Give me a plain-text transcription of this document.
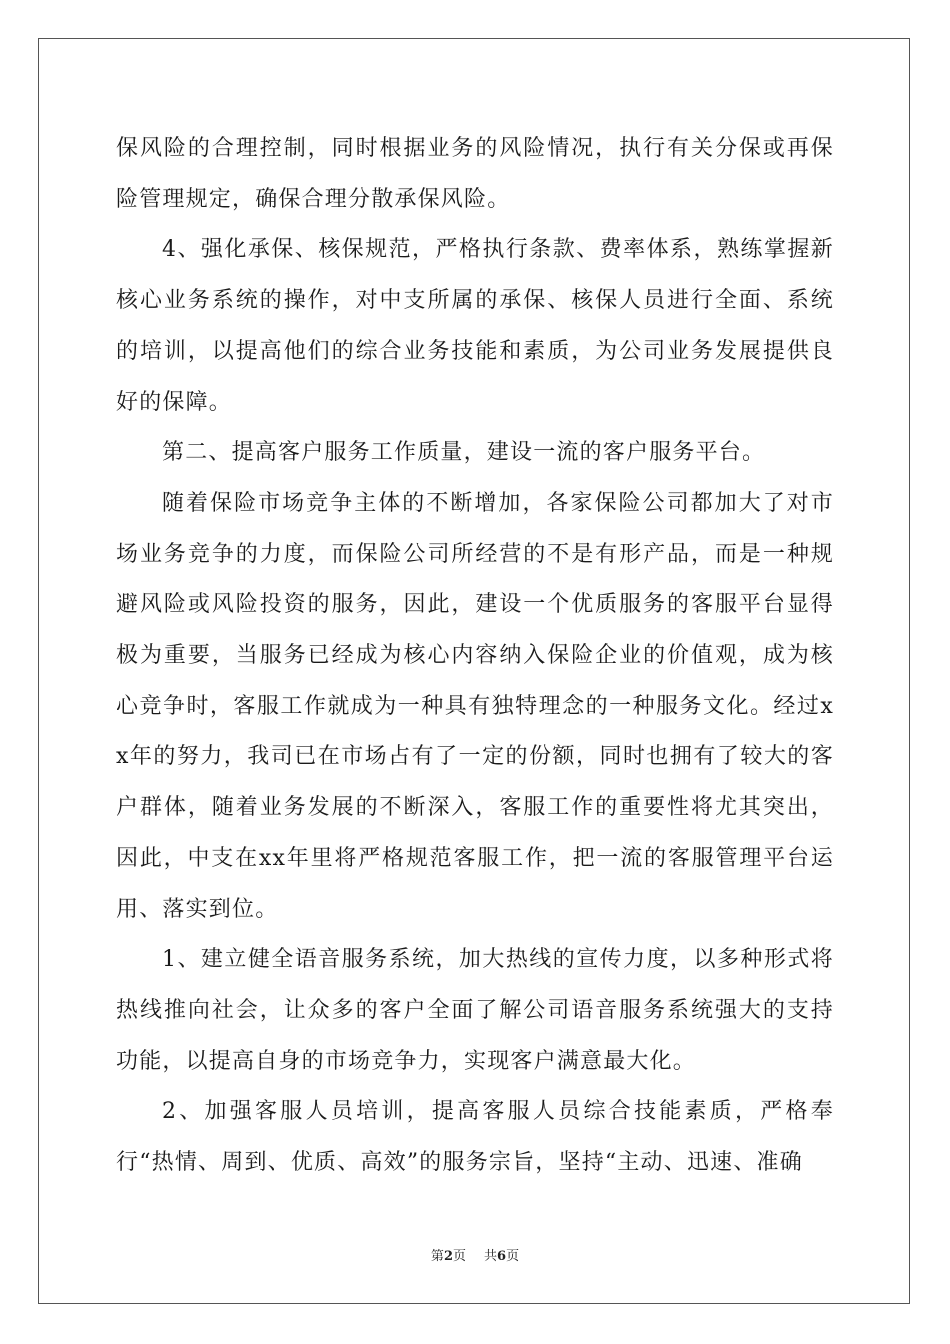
保风险的合理控制，同时根据业务的风险情况，执行有关分保或再保险管理规定，确保合理分散承保风险。

4、强化承保、核保规范，严格执行条款、费率体系，熟练掌握新核心业务系统的操作，对中支所属的承保、核保人员进行全面、系统的培训，以提高他们的综合业务技能和素质，为公司业务发展提供良好的保障。

第二、提高客户服务工作质量，建设一流的客户服务平台。

随着保险市场竞争主体的不断增加，各家保险公司都加大了对市场业务竞争的力度，而保险公司所经营的不是有形产品，而是一种规避风险或风险投资的服务，因此，建设一个优质服务的客服平台显得极为重要，当服务已经成为核心内容纳入保险企业的价值观，成为核心竞争时，客服工作就成为一种具有独特理念的一种服务文化。经过xx年的努力，我司已在市场占有了一定的份额，同时也拥有了较大的客户群体，随着业务发展的不断深入，客服工作的重要性将尤其突出，因此，中支在xx年里将严格规范客服工作，把一流的客服管理平台运用、落实到位。

1、建立健全语音服务系统，加大热线的宣传力度，以多种形式将热线推向社会，让众多的客户全面了解公司语音服务系统强大的支持功能，以提高自身的市场竞争力，实现客户满意最大化。

2、加强客服人员培训，提高客服人员综合技能素质，严格奉行“热情、周到、优质、高效”的服务宗旨，坚持“主动、迅速、准确

第2页 共6页
